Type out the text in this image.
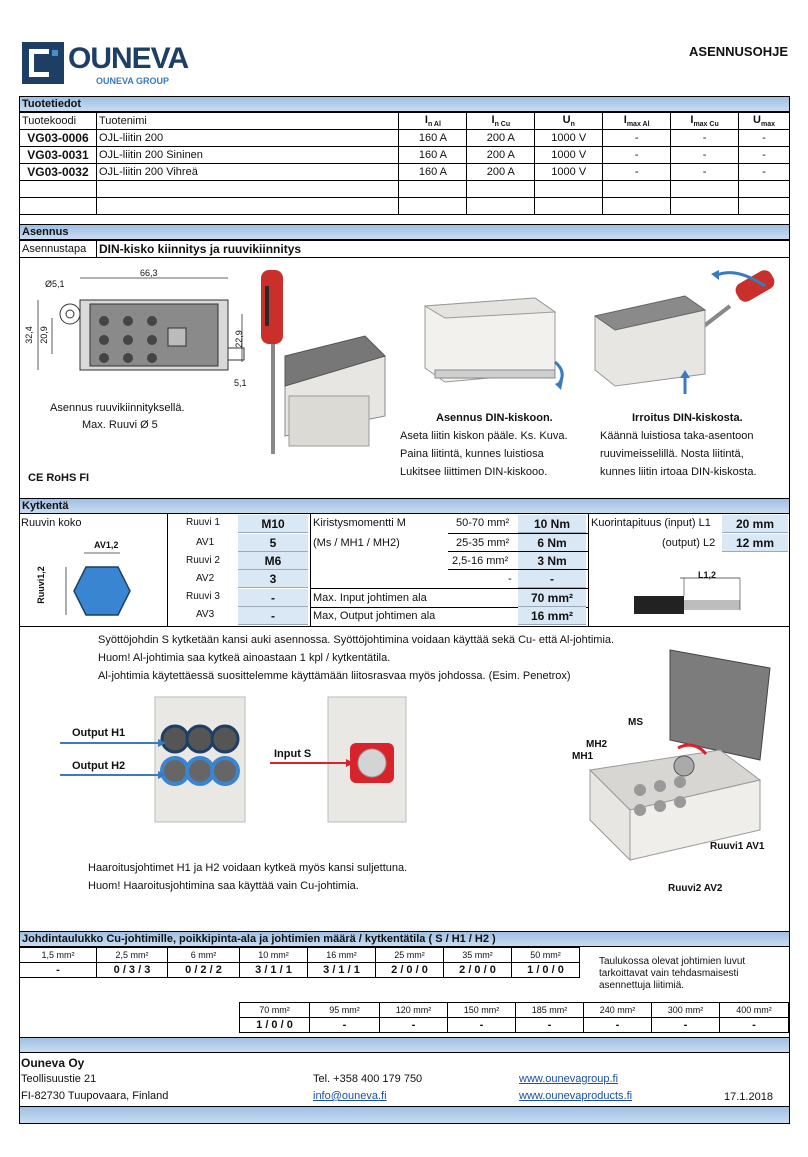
OUNEVA
OUNEVA GROUP
ASENNUSOHJE
Tuotetiedot
Tuotekoodi	Tuotenimi	$I_{n Al}$	$I_{n Cu}$	$U_n$	$I_{max Al}$	$I_{max Cu}$	$U_{max}$
VG03-0006	OJL-liitin 200	160 A	200 A	1000 V	-	-	-
VG03-0031	OJL-liitin 200 Sininen	160 A	200 A	1000 V	-	-	-
VG03-0032	OJL-liitin 200 Vihreä	160 A	200 A	1000 V	-	-	-

Asennus
Asennustapa	DIN-kisko kiinnitys ja ruuvikiinnitys
66,3
Ø5,1
32,4 20,9	22,9
5,1
Asennus ruuvikiinnityksellä.
Max. Ruuvi Ø 5
CE RoHS FI
Asennus DIN-kiskoon.
Aseta liitin kiskon pääle. Ks. Kuva.
Paina liitintä, kunnes luistiosa
Lukitsee liittimen DIN-kiskooo.
Irroitus DIN-kiskosta.
Käännä luistiosa taka-asentoon
ruuvimeisselillä. Nosta liitintä,
kunnes liitin irtoaa DIN-kiskosta.
Kytkentä
Ruuvin koko	Ruuvi 1	M10
AV1	5
Ruuvi 2	M6
AV2	3
Ruuvi 3	-
AV3	-
AV1,2
Ruuvi1,2
Kiristysmomentti M
(Ms / MH1 / MH2)
50-70 mm²	10 Nm
25-35 mm²	6 Nm
2,5-16 mm²	3 Nm
-	-
Max. Input johtimen ala	70 mm²
Max, Output johtimen ala	16 mm²
Kuorintapituus (input) L1	20 mm
(output) L2	12 mm
L1,2
Syöttöjohdin S kytketään kansi auki asennossa. Syöttöjohtimina voidaan käyttää sekä Cu- että Al-johtimia.
Huom! Al-johtimia saa kytkeä ainoastaan 1 kpl / kytkentätila.
Al-johtimia käytettäessä suosittelemme käyttämään liitosrasvaa myös johdossa. (Esim. Penetrox)
Output H1
Output H2
Input S
MS
MH2
MH1
Ruuvi1 AV1
Ruuvi2 AV2
Haaroitusjohtimet H1 ja H2 voidaan kytkeä myös kansi suljettuna.
Huom! Haaroitusjohtimina saa käyttää vain Cu-johtimia.
Johdintaulukko Cu-johtimille, poikkipinta-ala ja johtimien määrä / kytkentätila ( S / H1 / H2 )
1,5 mm²	2,5 mm²	6 mm²	10 mm²	16 mm²	25 mm²	35 mm²	50 mm²
-	0 / 3 / 3	0 / 2 / 2	3 / 1 / 1	3 / 1 / 1	2 / 0 / 0	2 / 0 / 0	1 / 0 / 0
Taulukossa olevat johtimien luvut
tarkoittavat vain tehdasmaisesti
asennettuja liitimiä.
70 mm²	95 mm²	120 mm²	150 mm²	185 mm²	240 mm²	300 mm²	400 mm²
1 / 0 / 0	-	-	-	-	-	-	-
Ouneva Oy
Teollisuustie 21
FI-82730 Tuupovaara, Finland
Tel. +358 400 179 750
info@ouneva.fi
www.ounevagroup.fi
www.ounevaproducts.fi	17.1.2018
